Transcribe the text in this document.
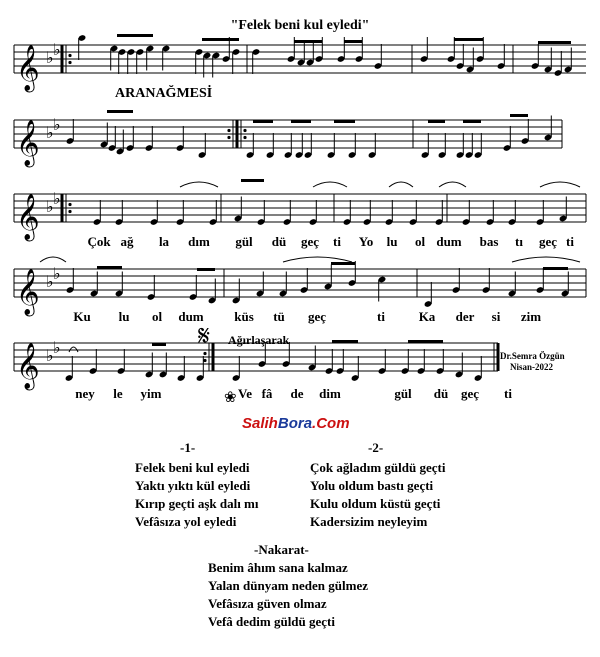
"Felek beni kul eyledi"
ARANAĞMESİ
Ağırlaşarak
Dr.Semra Özgün
Nisan-2022
𝄞 ♭ ♭
𝄞 ♭ ♭
𝄞 ♭ ♭
𝄞 ♭ ♭
𝄞 ♭ ♭	𝄋
❀
Çok ağ la dım gül dü geç ti Yo lu ol dum bas tı geç ti
Ku lu ol dum küs tü geç	ti	Ka der si zim
ney le yim	Ve fâ de dim	gül dü geç ti
SalihBora.Com
-1-
Felek beni kul eyledi
Yaktı yıktı kül eyledi
Kırıp geçti aşk dalı mı
Vefâsıza yol eyledi
-2-
Çok ağladım güldü geçti
Yolu oldum bastı geçti
Kulu oldum küstü geçti
Kadersizim neyleyim
-Nakarat-
Benim âhım sana kalmaz
Yalan dünyam neden gülmez
Vefâsıza güven olmaz
Vefâ dedim güldü geçti
